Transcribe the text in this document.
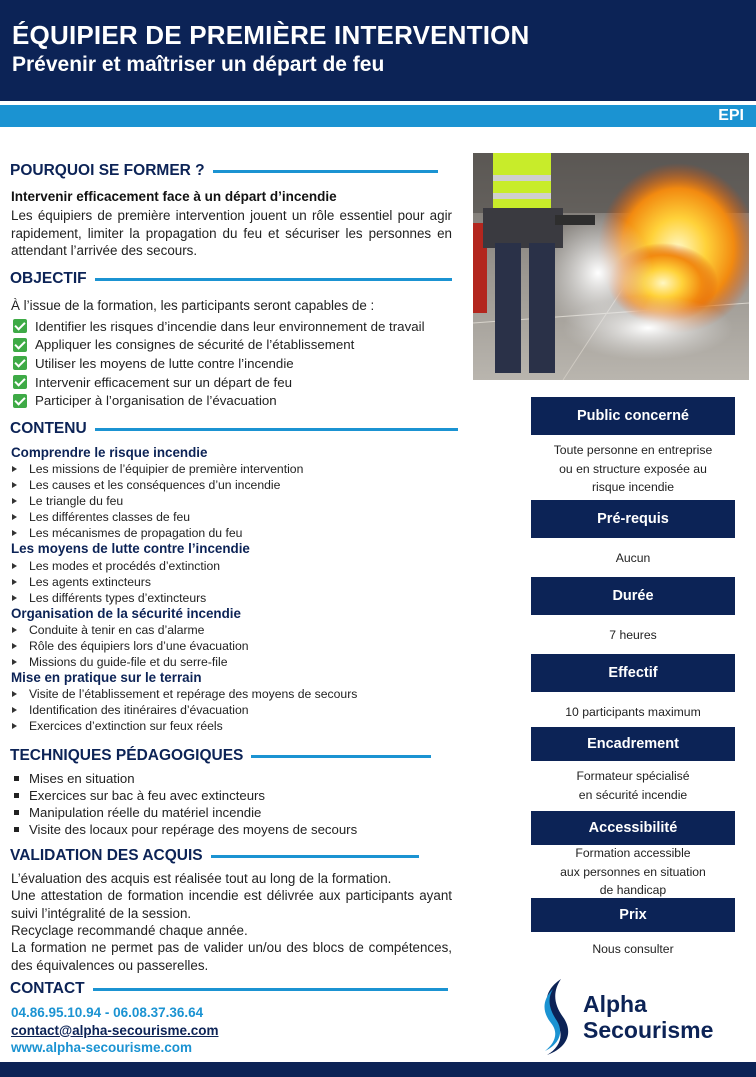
ÉQUIPIER DE PREMIÈRE INTERVENTION
Prévenir et maîtriser un départ de feu
EPI
POURQUOI SE FORMER ?
Intervenir efficacement face à un départ d’incendie
Les équipiers de première intervention jouent un rôle essentiel pour agir rapidement, limiter la propagation du feu et sécuriser les personnes en attendant l’arrivée des secours.
OBJECTIF
À l’issue de la formation, les participants seront capables de :
Identifier les risques d’incendie dans leur environnement de travail
Appliquer les consignes de sécurité de l’établissement
Utiliser les moyens de lutte contre l’incendie
Intervenir efficacement sur un départ de feu
Participer à l’organisation de l’évacuation
CONTENU
Comprendre le risque incendie
Les missions de l’équipier de première intervention
Les causes et les conséquences d’un incendie
Le triangle du feu
Les différentes classes de feu
Les mécanismes de propagation du feu
Les moyens de lutte contre l’incendie
Les modes et procédés d’extinction
Les agents extincteurs
Les différents types d’extincteurs
Organisation de la sécurité incendie
Conduite à tenir en cas d’alarme
Rôle des équipiers lors d’une évacuation
Missions du guide-file et du serre-file
Mise en pratique sur le terrain
Visite de l’établissement et repérage des moyens de secours
Identification des itinéraires d’évacuation
Exercices d’extinction sur feux réels
TECHNIQUES PÉDAGOGIQUES
Mises en situation
Exercices sur bac à feu avec extincteurs
Manipulation réelle du matériel incendie
Visite des locaux pour repérage des moyens de secours
VALIDATION DES ACQUIS
L’évaluation des acquis est réalisée tout au long de la formation.
Une attestation de formation incendie est délivrée aux participants ayant suivi l’intégralité de la session.
Recyclage recommandé chaque année.
La formation ne permet pas de valider un/ou des blocs de compétences, des équivalences ou passerelles.
CONTACT
04.86.95.10.94 - 06.08.37.36.64
contact@alpha-secourisme.com
www.alpha-secourisme.com
Public concerné
Toute personne en entreprise
ou en structure exposée au
risque incendie
Pré-requis
Aucun
Durée
7 heures
Effectif
10 participants maximum
Encadrement
Formateur spécialisé
en sécurité incendie
Accessibilité
Formation accessible
aux personnes en situation
de handicap
Prix
Nous consulter
Alpha
Secourisme
